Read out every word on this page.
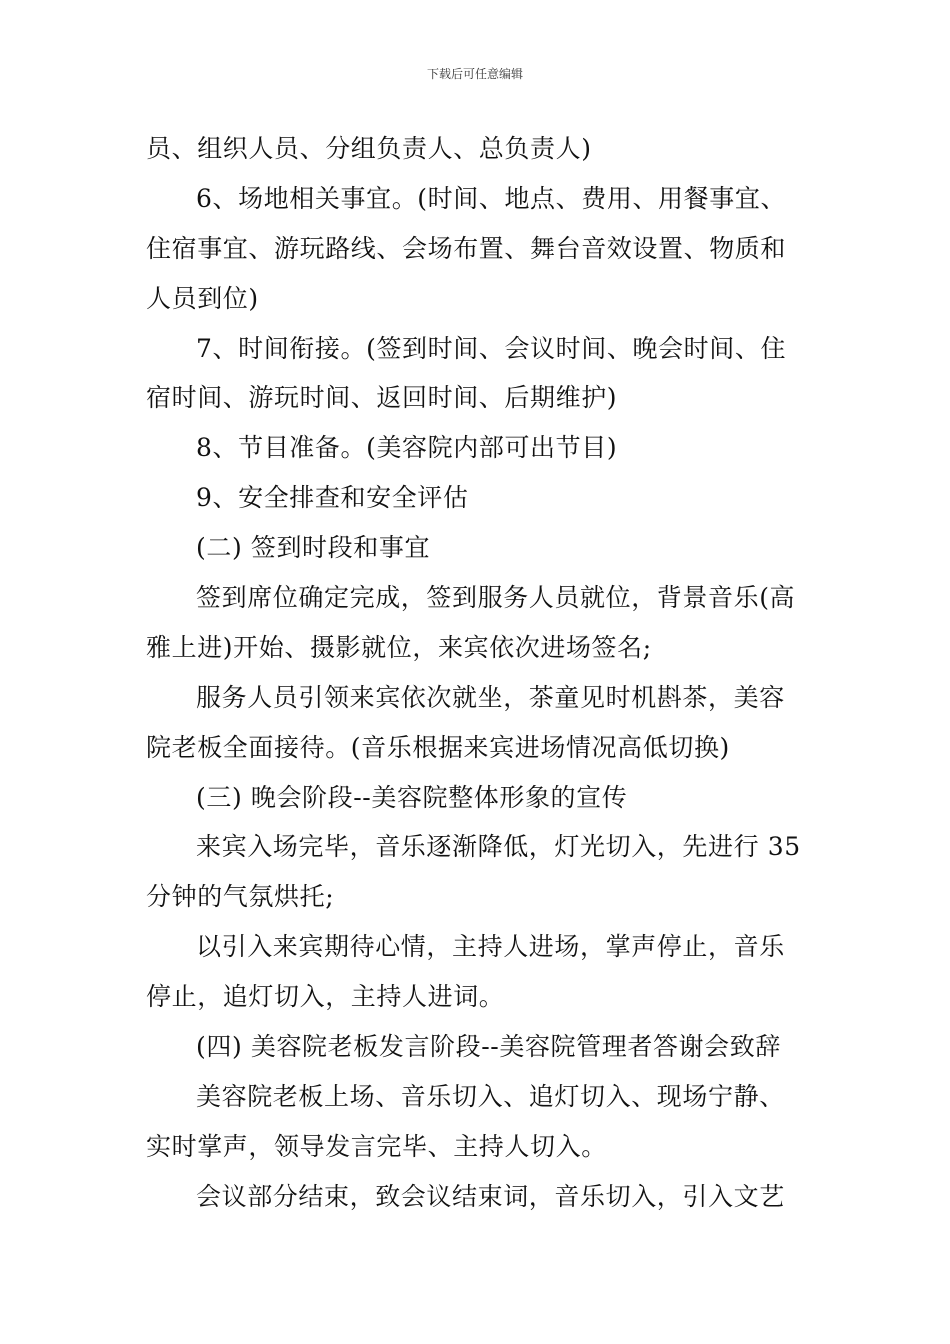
下载后可任意编辑
员、组织人员、分组负责人、总负责人)
6、场地相关事宜。(时间、地点、费用、用餐事宜、
住宿事宜、游玩路线、会场布置、舞台音效设置、物质和
人员到位)
7、时间衔接。(签到时间、会议时间、晚会时间、住
宿时间、游玩时间、返回时间、后期维护)
8、节目准备。(美容院内部可出节目)
9、安全排查和安全评估
(二) 签到时段和事宜
签到席位确定完成，签到服务人员就位，背景音乐(高
雅上进)开始、摄影就位，来宾依次进场签名;
服务人员引领来宾依次就坐，茶童见时机斟茶，美容
院老板全面接待。(音乐根据来宾进场情况高低切换)
(三) 晚会阶段--美容院整体形象的宣传
来宾入场完毕，音乐逐渐降低，灯光切入，先进行 35
分钟的气氛烘托;
以引入来宾期待心情，主持人进场，掌声停止，音乐
停止，追灯切入，主持人进词。
(四) 美容院老板发言阶段--美容院管理者答谢会致辞
美容院老板上场、音乐切入、追灯切入、现场宁静、
实时掌声，领导发言完毕、主持人切入。
会议部分结束，致会议结束词，音乐切入，引入文艺
